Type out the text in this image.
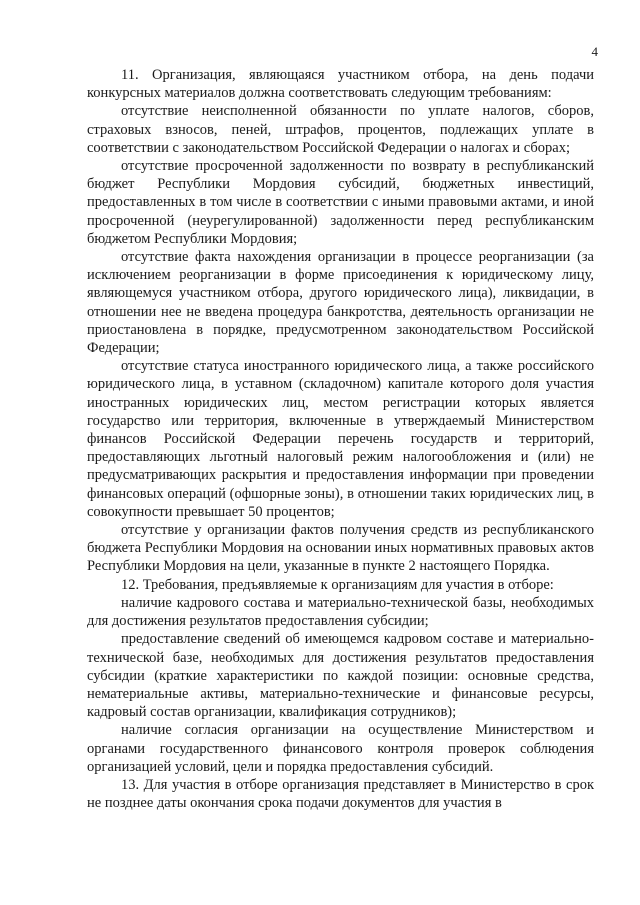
4

11. Организация, являющаяся участником отбора, на день подачи конкурсных материалов должна соответствовать следующим требованиям:

отсутствие неисполненной обязанности по уплате налогов, сборов, страховых взносов, пеней, штрафов, процентов, подлежащих уплате в соответствии с законодательством Российской Федерации о налогах и сборах;

отсутствие просроченной задолженности по возврату в республиканский бюджет Республики Мордовия субсидий, бюджетных инвестиций, предоставленных в том числе в соответствии с иными правовыми актами, и иной просроченной (неурегулированной) задолженности перед республиканским бюджетом Республики Мордовия;

отсутствие факта нахождения организации в процессе реорганизации (за исключением реорганизации в форме присоединения к юридическому лицу, являющемуся участником отбора, другого юридического лица), ликвидации, в отношении нее не введена процедура банкротства, деятельность организации не приостановлена в порядке, предусмотренном законодательством Российской Федерации;

отсутствие статуса иностранного юридического лица, а также российского юридического лица, в уставном (складочном) капитале которого доля участия иностранных юридических лиц, местом регистрации которых является государство или территория, включенные в утверждаемый Министерством финансов Российской Федерации перечень государств и территорий, предоставляющих льготный налоговый режим налогообложения и (или) не предусматривающих раскрытия и предоставления информации при проведении финансовых операций (офшорные зоны), в отношении таких юридических лиц, в совокупности превышает 50 процентов;

отсутствие у организации фактов получения средств из республиканского бюджета Республики Мордовия на основании иных нормативных правовых актов Республики Мордовия на цели, указанные в пункте 2 настоящего Порядка.

12. Требования, предъявляемые к организациям для участия в отборе:

наличие кадрового состава и материально-технической базы, необходимых для достижения результатов предоставления субсидии;

предоставление сведений об имеющемся кадровом составе и материально-технической базе, необходимых для достижения результатов предоставления субсидии (краткие характеристики по каждой позиции: основные средства, нематериальные активы, материально-технические и финансовые ресурсы, кадровый состав организации, квалификация сотрудников);

наличие согласия организации на осуществление Министерством и органами государственного финансового контроля проверок соблюдения организацией условий, цели и порядка предоставления субсидий.

13. Для участия в отборе организация представляет в Министерство в срок не позднее даты окончания срока подачи документов для участия в
